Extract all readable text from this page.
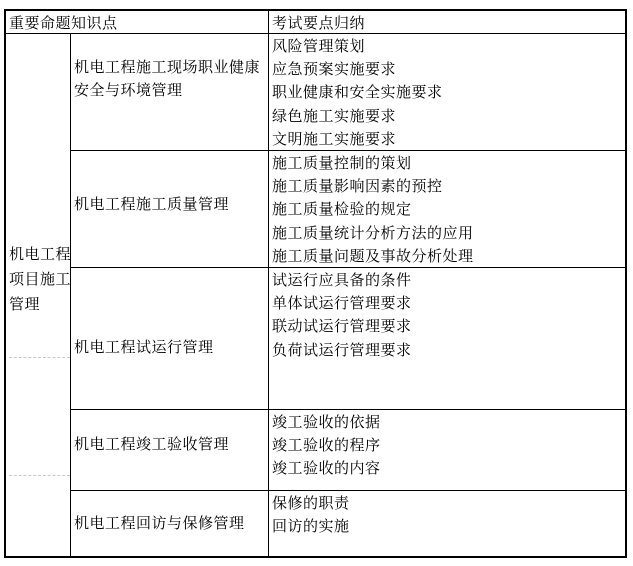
重要命题知识点	考试要点归纳
机电工程
项目施工
管理
机电工程施工现场职业健康
安全与环境管理
风险管理策划
应急预案实施要求
职业健康和安全实施要求
绿色施工实施要求
文明施工实施要求
机电工程施工质量管理
施工质量控制的策划
施工质量影响因素的预控
施工质量检验的规定
施工质量统计分析方法的应用
施工质量问题及事故分析处理
机电工程试运行管理
试运行应具备的条件
单体试运行管理要求
联动试运行管理要求
负荷试运行管理要求
机电工程竣工验收管理
竣工验收的依据
竣工验收的程序
竣工验收的内容
机电工程回访与保修管理
保修的职责
回访的实施
